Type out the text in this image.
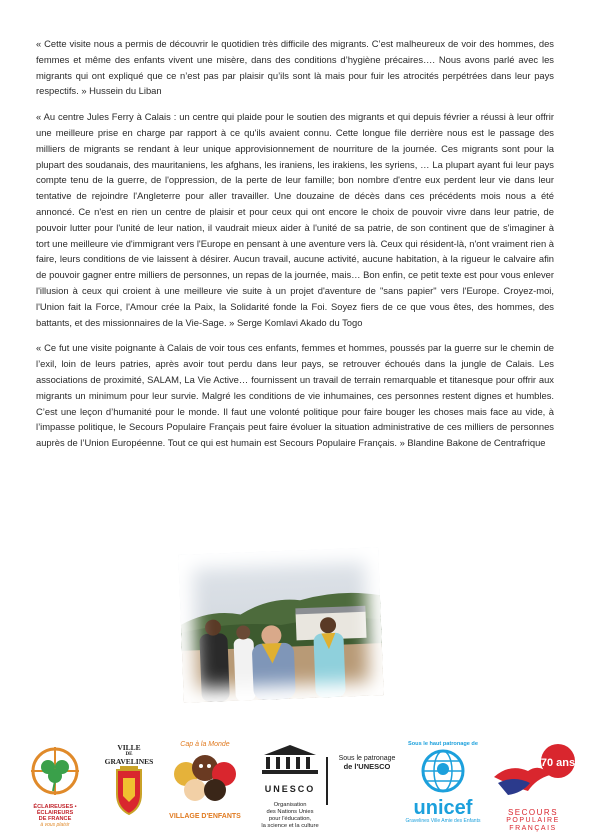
« Cette visite nous a permis de découvrir le quotidien très difficile des migrants. C’est malheureux de voir des hommes, des femmes et même des enfants vivent une misère, dans des conditions d’hygiène précaires…. Nous avons parlé avec les migrants qui ont expliqué que ce n’est pas par plaisir qu’ils sont là mais pour fuir les atrocités perpétrées dans leur pays respectifs. » Hussein du Liban

« Au centre Jules Ferry à Calais : un centre qui plaide pour le soutien des migrants et qui depuis février a réussi à leur offrir une meilleure prise en charge par rapport à ce qu'ils avaient connu. Cette longue file derrière nous est le passage des milliers de migrants se rendant à leur unique approvisionnement de nourriture de la journée. Ces migrants sont pour la plupart des soudanais, des mauritaniens, les afghans, les iraniens, les irakiens, les syriens, … La plupart ayant fui leur pays compte tenu de la guerre, de l'oppression, de la perte de leur famille; bon nombre d'entre eux perdent leur vie dans leur tentative de rejoindre l'Angleterre pour aller travailler. Une douzaine de décès dans ces précédents mois nous a été annoncé. Ce n'est en rien un centre de plaisir et pour ceux qui ont encore le choix de pouvoir vivre dans leur patrie, de pouvoir lutter pour l'unité de leur nation, il vaudrait mieux aider à l'unité de sa patrie, de son continent que de s'imaginer à tort une meilleure vie d'immigrant vers l'Europe en pensant à une aventure vers là. Ceux qui résident-là, n'ont vraiment rien à faire, leurs conditions de vie laissent à désirer. Aucun travail, aucune activité, aucune habitation, à la rigueur le calvaire afin de pouvoir gagner entre milliers de personnes, un repas de la journée, mais… Bon enfin, ce petit texte est pour vous enlever l'illusion à ceux qui croient à une meilleure vie suite à un projet d'aventure de "sans papier" vers l'Europe. Croyez-moi, l'Union fait la Force, l'Amour crée la Paix, la Solidarité fonde la Foi. Soyez fiers de ce que vous êtes, des hommes, des battants, et des missionnaires de la Vie-Sage. » Serge Komlavi Akado du Togo

« Ce fut une visite poignante à Calais de voir tous ces enfants, femmes et hommes, poussés par la guerre sur le chemin de l’exil, loin de leurs patries, après avoir tout perdu dans leur pays, se retrouver échoués dans la jungle de Calais. Les associations de proximité, SALAM, La Vie Active… fournissent un travail de terrain remarquable et titanesque pour offrir aux migrants un minimum pour leur survie. Malgré les conditions de vie inhumaines, ces personnes restent dignes et humbles. C’est une leçon d’humanité pour le monde. Il faut une volonté politique pour faire bouger les choses mais face au vide, à l’impasse politique, le Secours Populaire Français peut faire évoluer la situation administrative de ces milliers de personnes auprès de l’Union Européenne. Tout ce qui est humain est Secours Populaire Français. » Blandine Bakone de Centrafrique

ÉCLAIREUSES • ÉCLAIREURS
DE FRANCE
à vous plaisir
VILLE
DE
GRAVELINES
Cap à la Monde
VILLAGE D'ENFANTS
UNESCO
Organisation
des Nations Unies
pour l'éducation,
la science et la culture
Sous le patronage
de l'UNESCO
Sous le haut patronage de
unicef
Gravelines Ville Amie des Enfants
70 ans
SECOURS
POPULAIRE
FRANÇAIS
